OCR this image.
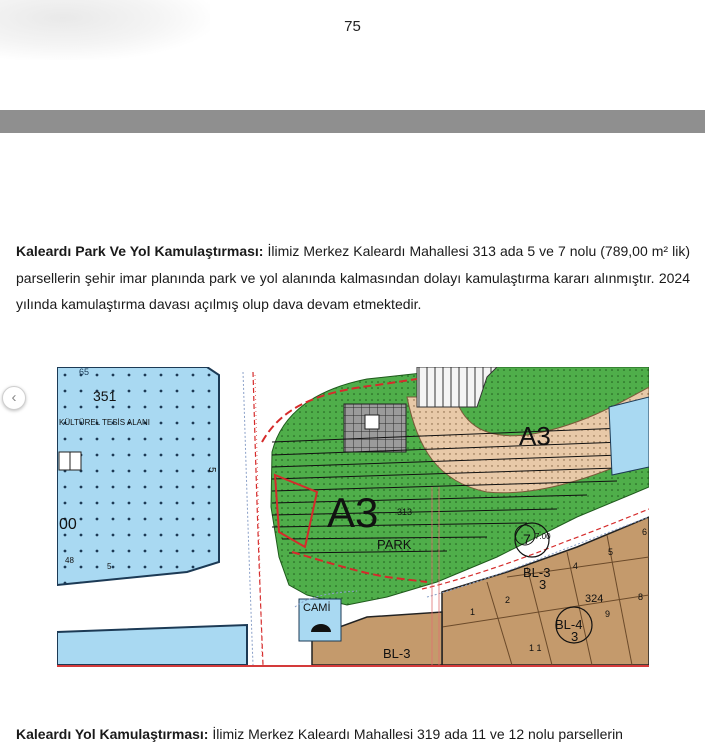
75
Kaleardı Park Ve Yol Kamulaştırması: İlimiz Merkez Kaleardı Mahallesi 313 ada 5 ve 7 nolu (789,00 m² lik) parsellerin şehir imar planında park ve yol alanında kalmasından dolayı kamulaştırma kararı alınmıştır. 2024 yılında kamulaştırma davası açılmış olup dava devam etmektedir.
65
351
KÜLTÜREL TESİS ALANI
5
00
48
5
A3
A3 313
PARK	7 7.00
BL-3
3
324
BL-4
3
BL-3
CAMİ	1
2
4
5
6
8
9
1 1
‹
Kaleardı Yol Kamulaştırması: İlimiz Merkez Kaleardı Mahallesi 319 ada 11 ve 12 nolu parsellerin
